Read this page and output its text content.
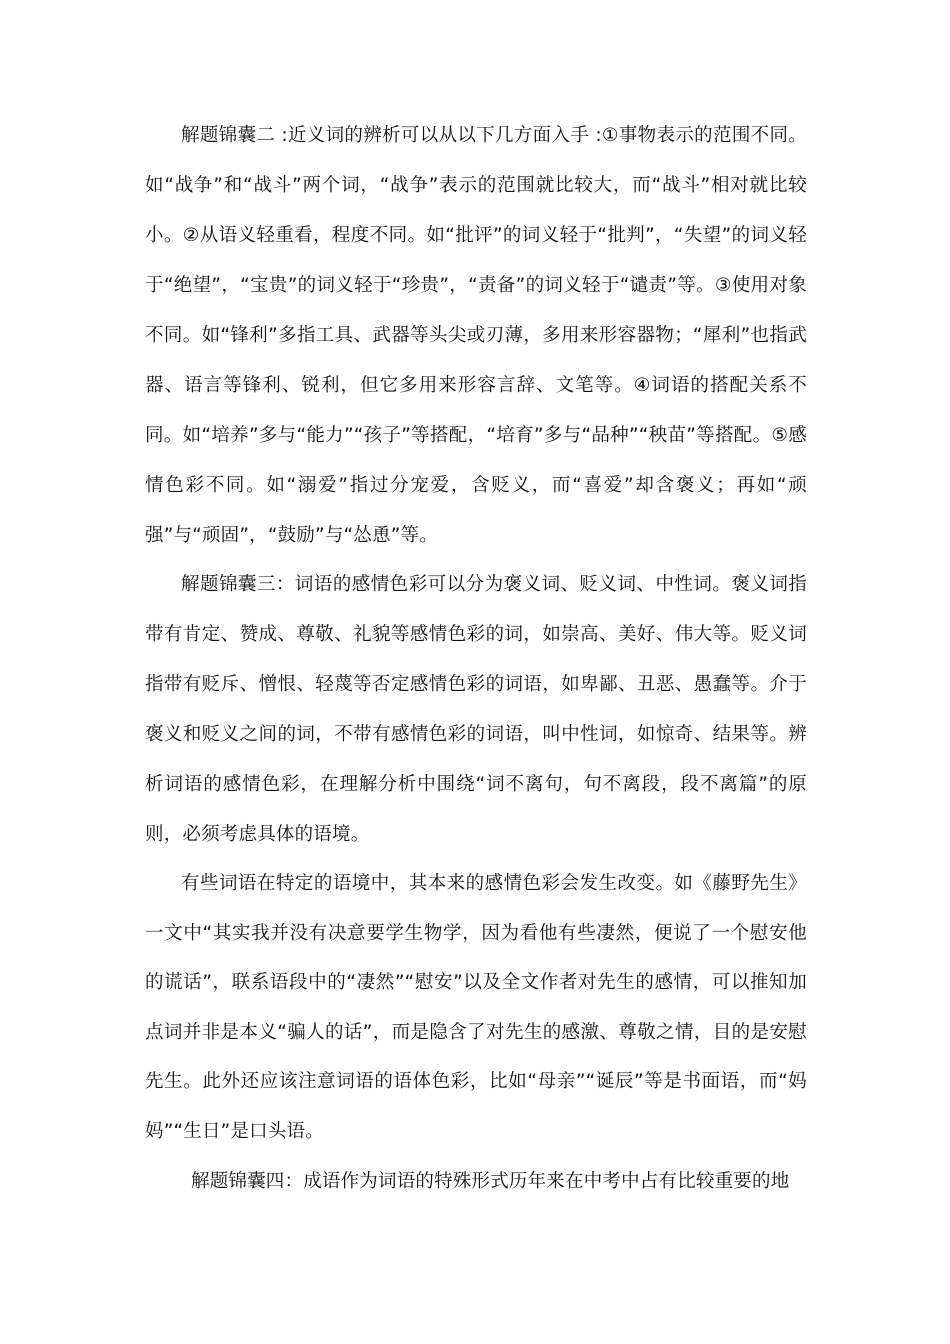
解题锦囊二 :近义词的辨析可以从以下几方面入手 :①事物表示的范围不同。如“战争”和“战斗”两个词，“战争”表示的范围就比较大，而“战斗”相对就比较小。②从语义轻重看，程度不同。如“批评”的词义轻于“批判”，“失望”的词义轻于“绝望”，“宝贵”的词义轻于“珍贵”，“责备”的词义轻于“谴责”等。③使用对象不同。如“锋利”多指工具、武器等头尖或刃薄，多用来形容器物；“犀利”也指武器、语言等锋利、锐利，但它多用来形容言辞、文笔等。④词语的搭配关系不同。如“培养”多与“能力”“孩子”等搭配，“培育”多与“品种”“秧苗”等搭配。⑤感情色彩不同。如“溺爱”指过分宠爱，含贬义，而“喜爱”却含褒义；再如“顽强”与“顽固”，“鼓励”与“怂恿”等。

解题锦囊三：词语的感情色彩可以分为褒义词、贬义词、中性词。褒义词指带有肯定、赞成、尊敬、礼貌等感情色彩的词，如崇高、美好、伟大等。贬义词指带有贬斥、憎恨、轻蔑等否定感情色彩的词语，如卑鄙、丑恶、愚蠢等。介于褒义和贬义之间的词，不带有感情色彩的词语，叫中性词，如惊奇、结果等。辨析词语的感情色彩，在理解分析中围绕“词不离句，句不离段，段不离篇”的原则，必须考虑具体的语境。

有些词语在特定的语境中，其本来的感情色彩会发生改变。如《藤野先生》一文中“其实我并没有决意要学生物学，因为看他有些凄然，便说了一个慰安他的谎话”，联系语段中的“凄然”“慰安”以及全文作者对先生的感情，可以推知加点词并非是本义“骗人的话”，而是隐含了对先生的感激、尊敬之情，目的是安慰先生。此外还应该注意词语的语体色彩，比如“母亲”“诞辰”等是书面语，而“妈妈”“生日”是口头语。

解题锦囊四：成语作为词语的特殊形式历年来在中考中占有比较重要的地
